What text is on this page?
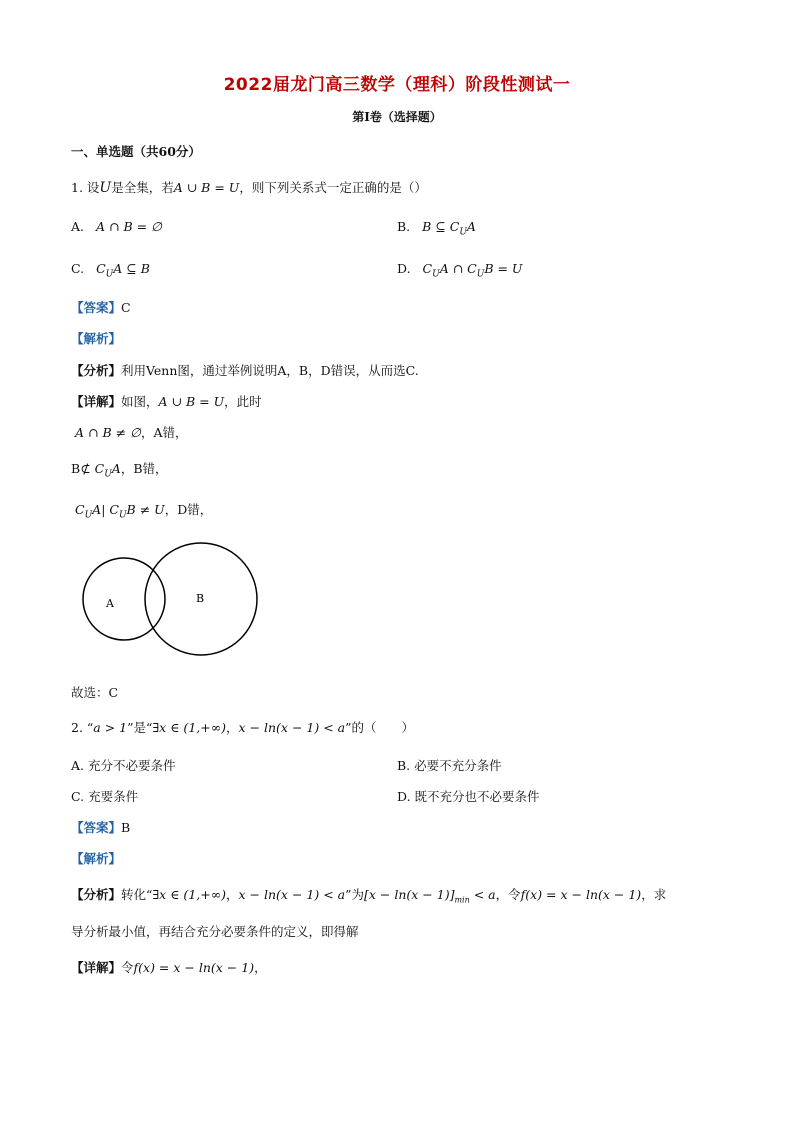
2022届龙门高三数学（理科）阶段性测试一
第I卷（选择题）
一、单选题（共60分）
1. 设U是全集，若A ∪ B = U，则下列关系式一定正确的是（）
A. A ∩ B = ∅	B. B ⊆ $C_UA$
C. $C_UA$ ⊆ B	D. $C_UA$ ∩ $C_UB = U$
【答案】C
【解析】
【分析】利用Venn图，通过举例说明A，B，D错误，从而选C.
【详解】如图，A ∪ B = U，此时
A ∩ B ≠ ∅，A错，
B⊄ $C_UA$，B错，
$C_UA|$ $C_UB \ne U$，D错，
A	B
故选：C
2. “a > 1”是“∃x ∈ (1,+∞)，x − ln(x − 1) < a”的（　　）
A. 充分不必要条件	B. 必要不充分条件
C. 充要条件	D. 既不充分也不必要条件
【答案】B
【解析】
【分析】转化“∃x ∈ (1,+∞)，x − ln(x − 1) < a”为$[x - \ln(x - 1)]_{min} < a$，令f(x) = x − ln(x − 1)，求
导分析最小值，再结合充分必要条件的定义，即得解
【详解】令f(x) = x − ln(x − 1)，
